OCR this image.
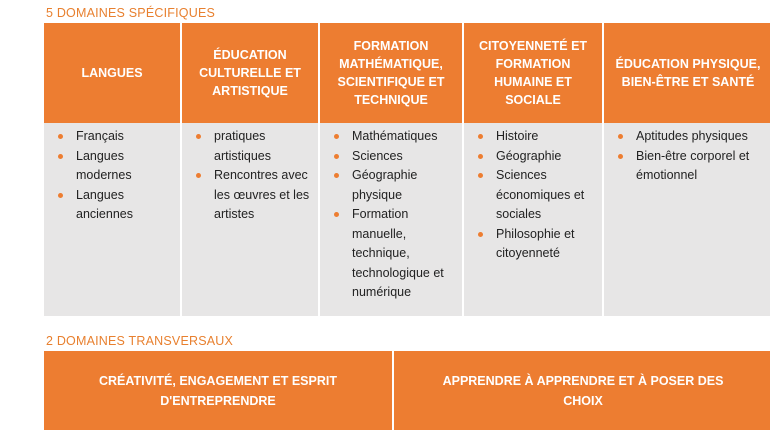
5 DOMAINES SPÉCIFIQUES
LANGUES
ÉDUCATION CULTURELLE ET ARTISTIQUE
FORMATION MATHÉMATIQUE, SCIENTIFIQUE ET TECHNIQUE
CITOYENNETÉ ET FORMATION HUMAINE ET SOCIALE
ÉDUCATION PHYSIQUE, BIEN-ÊTRE ET SANTÉ
Français
Langues modernes
Langues anciennes
pratiques artistiques
Rencontres avec les œuvres et les artistes
Mathématiques
Sciences
Géographie physique
Formation manuelle, technique, technologique et numérique
Histoire
Géographie
Sciences économiques et sociales
Philosophie et citoyenneté
Aptitudes physiques
Bien-être corporel et émotionnel
2 DOMAINES TRANSVERSAUX
CRÉATIVITÉ, ENGAGEMENT ET ESPRIT D'ENTREPRENDRE
APPRENDRE À APPRENDRE ET À POSER DES CHOIX
